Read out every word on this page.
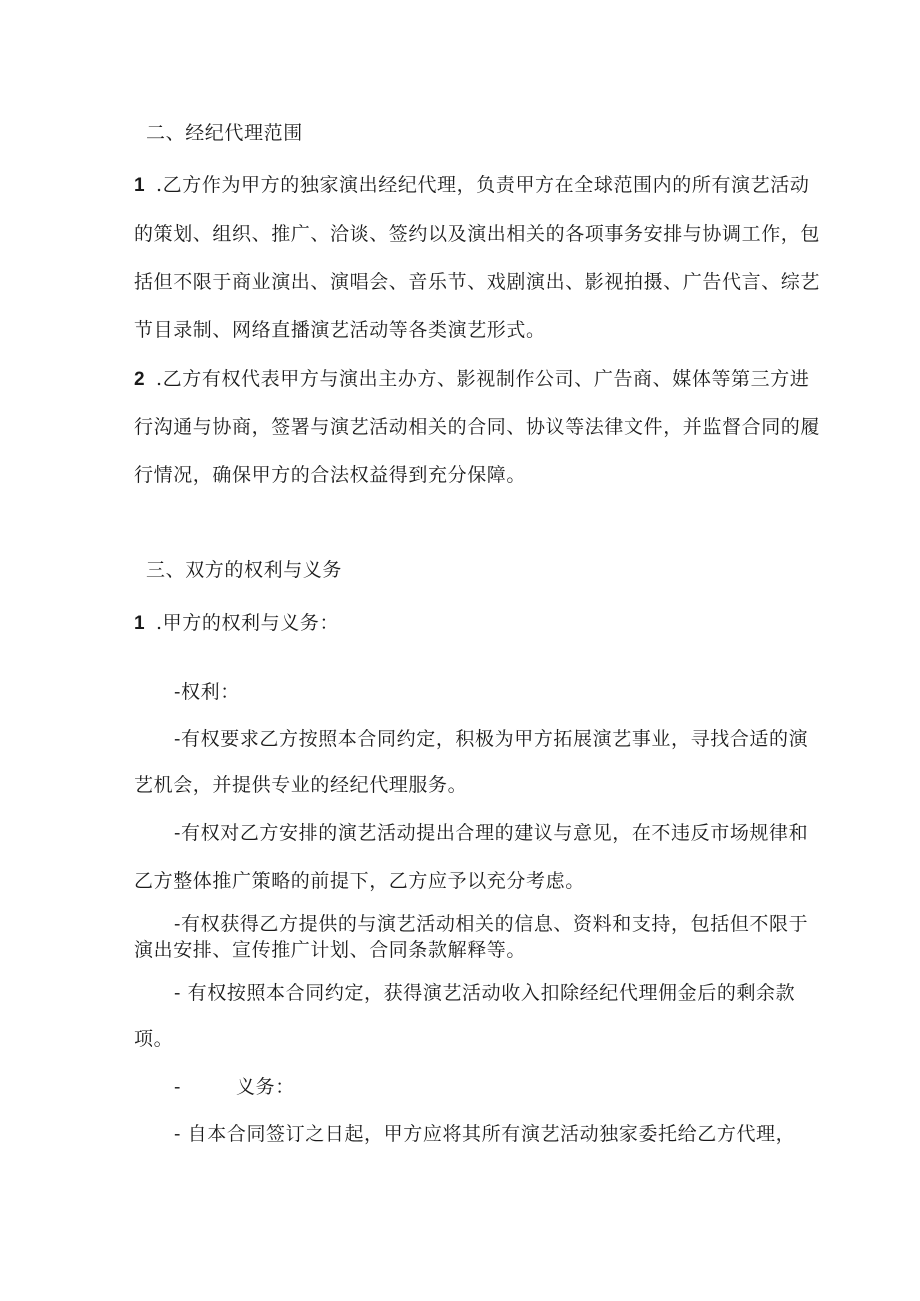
二、经纪代理范围
1 .乙方作为甲方的独家演出经纪代理，负责甲方在全球范围内的所有演艺活动
的策划、组织、推广、洽谈、签约以及演出相关的各项事务安排与协调工作，包
括但不限于商业演出、演唱会、音乐节、戏剧演出、影视拍摄、广告代言、综艺
节目录制、网络直播演艺活动等各类演艺形式。
2 .乙方有权代表甲方与演出主办方、影视制作公司、广告商、媒体等第三方进
行沟通与协商，签署与演艺活动相关的合同、协议等法律文件，并监督合同的履
行情况，确保甲方的合法权益得到充分保障。
三、双方的权利与义务
1 .甲方的权利与义务：
-权利：
-有权要求乙方按照本合同约定，积极为甲方拓展演艺事业，寻找合适的演
艺机会，并提供专业的经纪代理服务。
-有权对乙方安排的演艺活动提出合理的建议与意见，在不违反市场规律和
乙方整体推广策略的前提下，乙方应予以充分考虑。
-有权获得乙方提供的与演艺活动相关的信息、资料和支持，包括但不限于
演出安排、宣传推广计划、合同条款解释等。
- 有权按照本合同约定，获得演艺活动收入扣除经纪代理佣金后的剩余款
项。
-	义务：
- 自本合同签订之日起，甲方应将其所有演艺活动独家委托给乙方代理，
